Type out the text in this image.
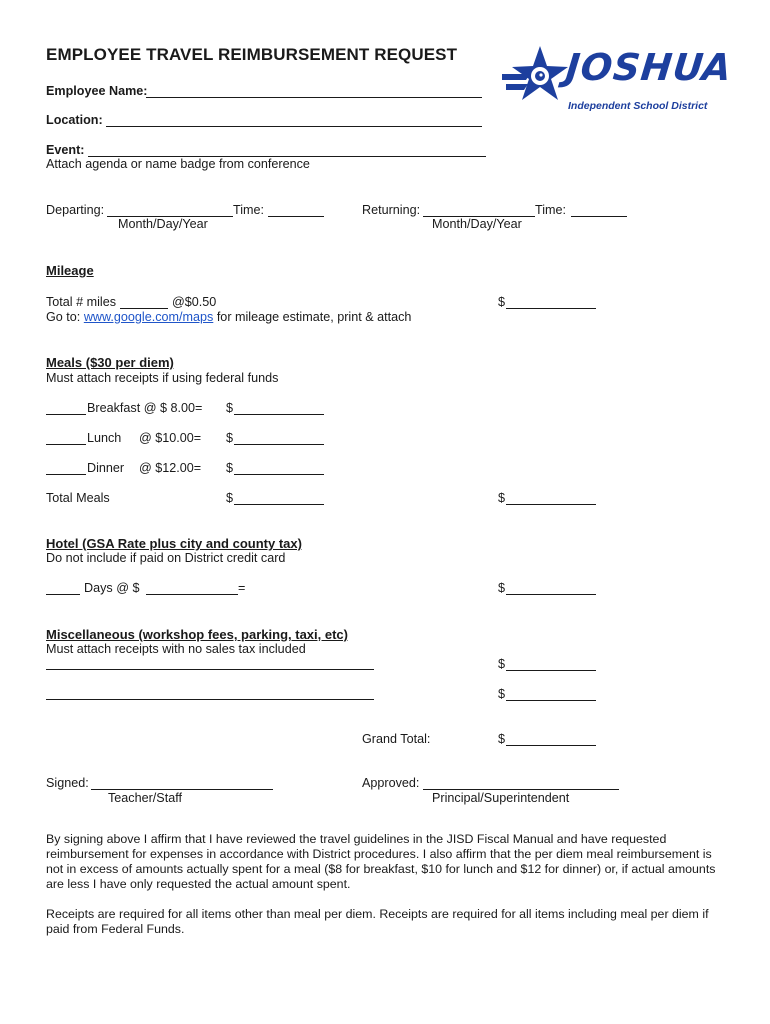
EMPLOYEE TRAVEL REIMBURSEMENT REQUEST	JOSHUA
Independent School District
Employee Name:
Location:
Event:
Attach agenda or name badge from conference
Departing:	Time:
Month/Day/Year
Returning:	Time:
Month/Day/Year
Mileage
Total # miles	@$0.50	$
Go to: www.google.com/maps for mileage estimate, print & attach
Meals ($30 per diem)
Must attach receipts if using federal funds
Breakfast @ $ 8.00= $
Lunch @ $10.00= $
Dinner @ $12.00= $
Total Meals	$	$
Hotel (GSA Rate plus city and county tax)
Do not include if paid on District credit card
Days @ $	=	$
Miscellaneous (workshop fees, parking, taxi, etc)
Must attach receipts with no sales tax included
$
$
Grand Total:	$
Signed:
Teacher/Staff
Approved:
Principal/Superintendent
By signing above I affirm that I have reviewed the travel guidelines in the JISD Fiscal Manual and have requested reimbursement for expenses in accordance with District procedures. I also affirm that the per diem meal reimbursement is not in excess of amounts actually spent for a meal ($8 for breakfast, $10 for lunch and $12 for dinner) or, if actual amounts are less I have only requested the actual amount spent.
Receipts are required for all items other than meal per diem. Receipts are required for all items including meal per diem if paid from Federal Funds.
